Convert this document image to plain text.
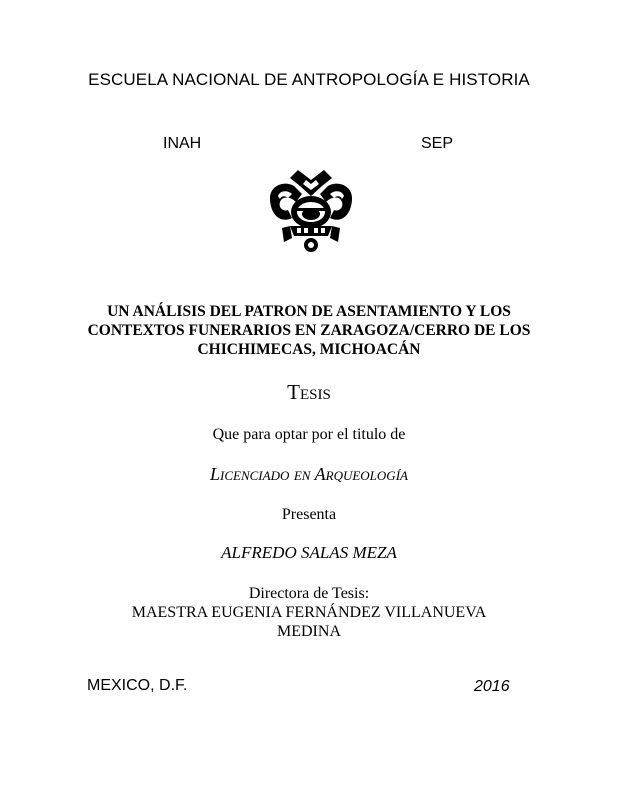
ESCUELA NACIONAL DE ANTROPOLOGÍA E HISTORIA
INAH	SEP
UN ANÁLISIS DEL PATRON DE ASENTAMIENTO Y LOS
CONTEXTOS FUNERARIOS EN ZARAGOZA/CERRO DE LOS
CHICHIMECAS, MICHOACÁN
Tesis
Que para optar por el titulo de
Licenciado en Arqueología
Presenta
ALFREDO SALAS MEZA
Directora de Tesis:
MAESTRA EUGENIA FERNÁNDEZ VILLANUEVA
MEDINA
MEXICO, D.F.	2016
